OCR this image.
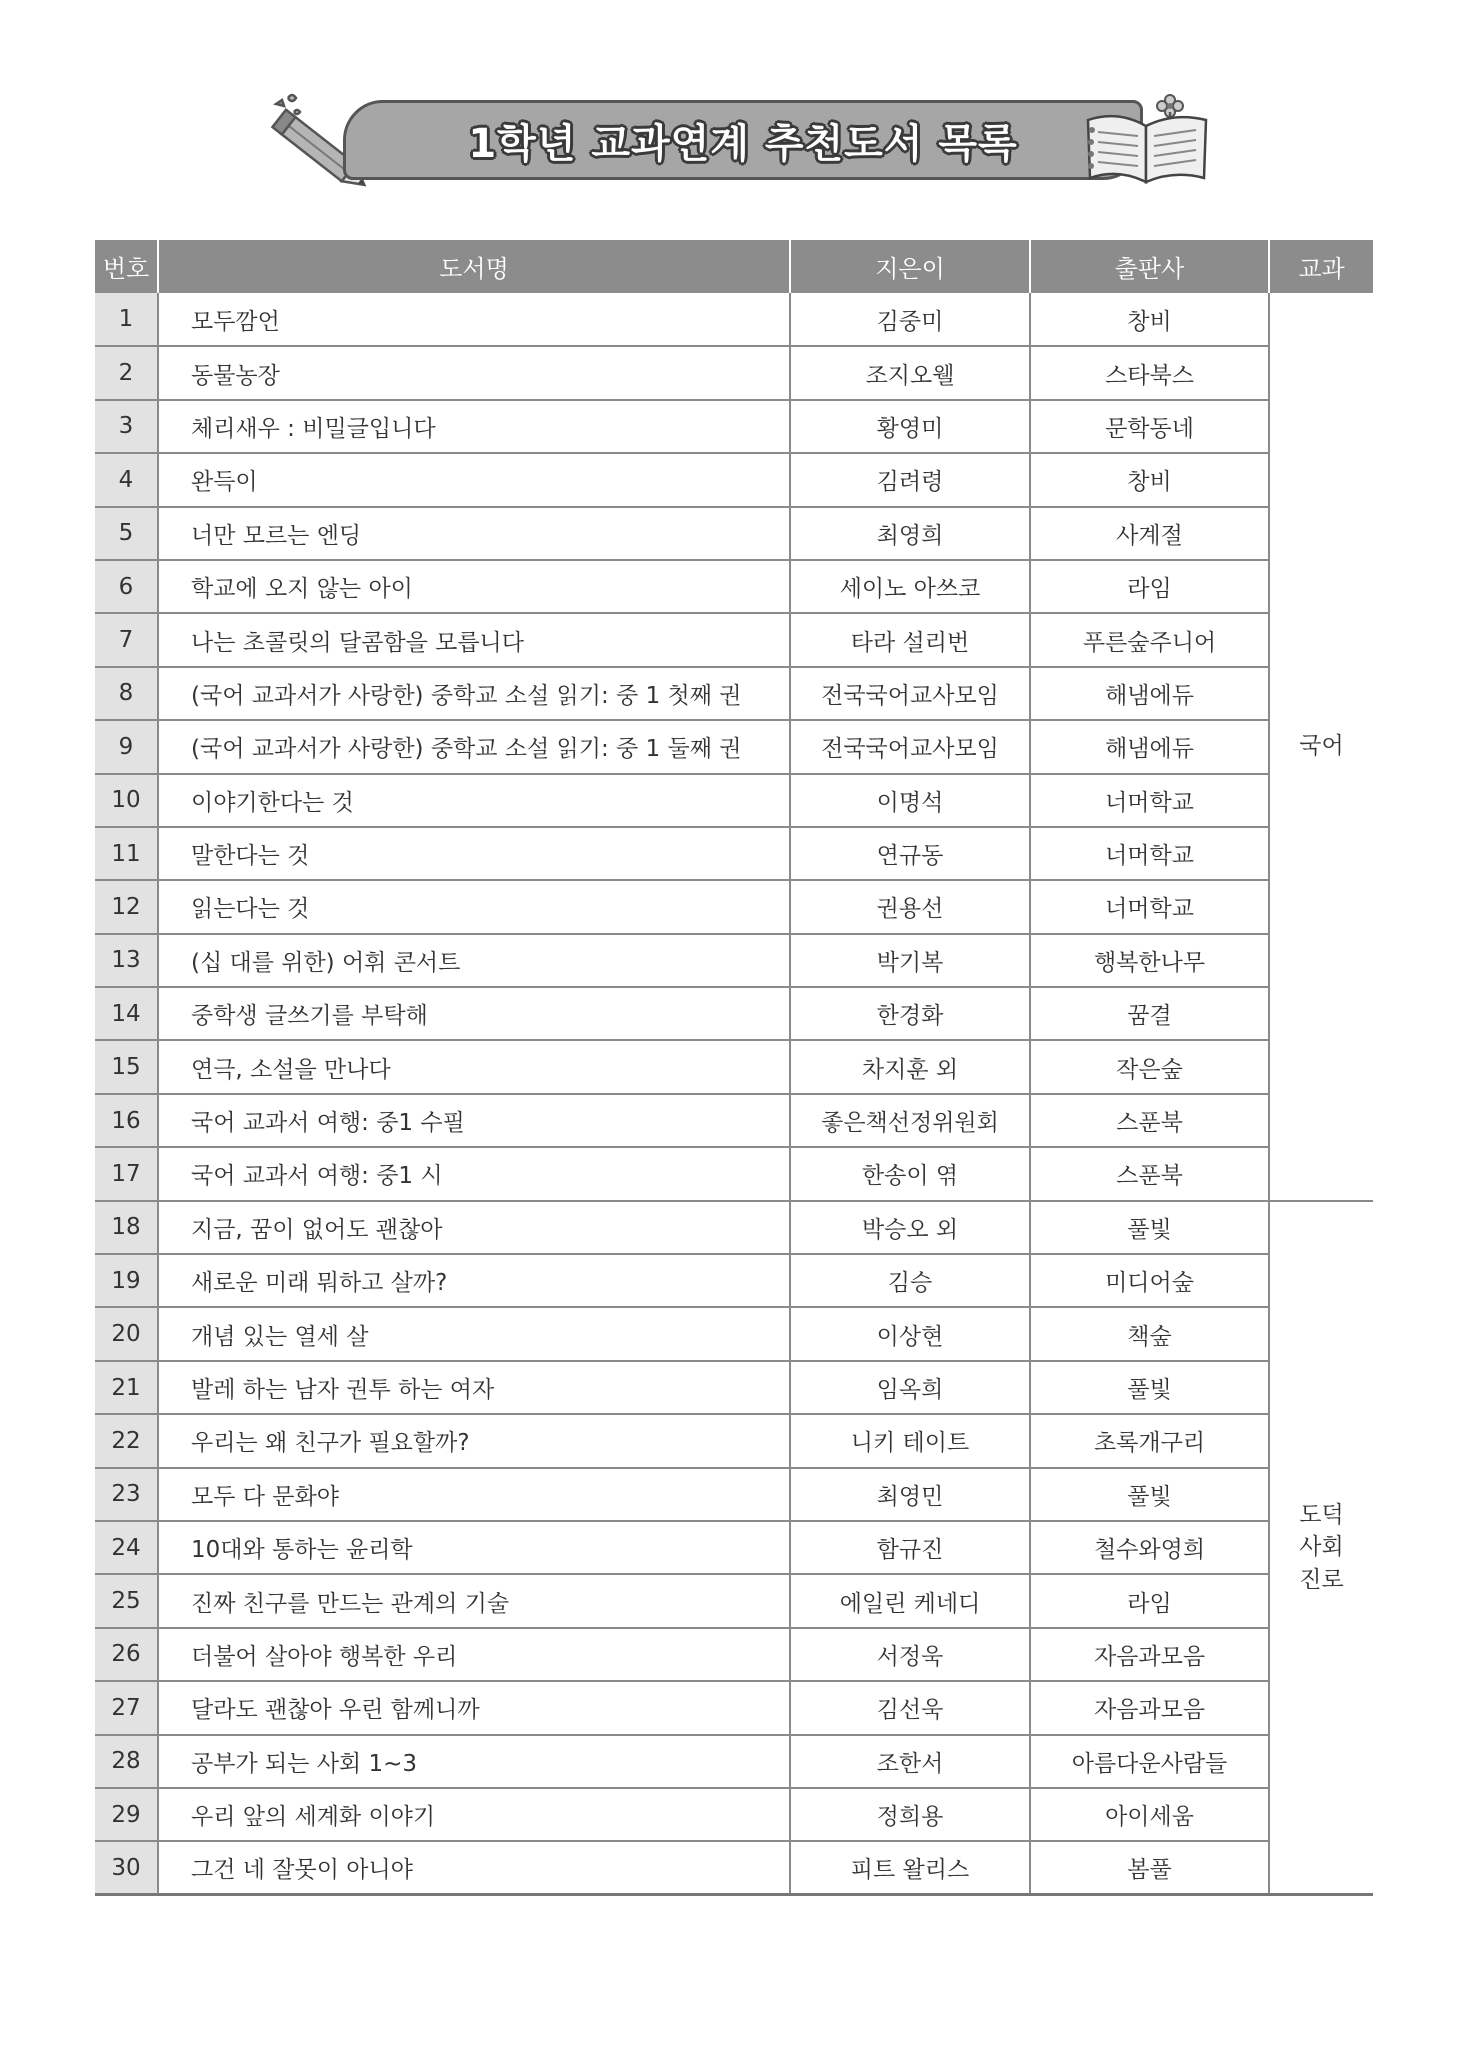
1학년 교과연계 추천도서 목록
번호	도서명	지은이	출판사	교과
1	모두깜언	김중미	창비	국어

2	동물농장	조지오웰	스타북스	
3	체리새우 : 비밀글입니다	황영미	문학동네	
4	완득이	김려령	창비	
5	너만 모르는 엔딩	최영희	사계절	
6	학교에 오지 않는 아이	세이노 아쓰코	라임	
7	나는 초콜릿의 달콤함을 모릅니다	타라 설리번	푸른숲주니어	
8	(국어 교과서가 사랑한) 중학교 소설 읽기: 중 1 첫째 권	전국국어교사모임	해냄에듀	
9	(국어 교과서가 사랑한) 중학교 소설 읽기: 중 1 둘째 권	전국국어교사모임	해냄에듀	
10	이야기한다는 것	이명석	너머학교	
11	말한다는 것	연규동	너머학교	
12	읽는다는 것	권용선	너머학교	
13	(십 대를 위한) 어휘 콘서트	박기복	행복한나무	
14	중학생 글쓰기를 부탁해	한경화	꿈결	
15	연극, 소설을 만나다	차지훈 외	작은숲	
16	국어 교과서 여행: 중1 수필	좋은책선정위원회	스푼북	
17	국어 교과서 여행: 중1 시	한송이 엮	스푼북	
18	지금, 꿈이 없어도 괜찮아	박승오 외	풀빛	도덕
사회
진로

19	새로운 미래 뭐하고 살까?	김승	미디어숲	
20	개념 있는 열세 살	이상현	책숲	
21	발레 하는 남자 권투 하는 여자	임옥희	풀빛	
22	우리는 왜 친구가 필요할까?	니키 테이트	초록개구리	
23	모두 다 문화야	최영민	풀빛	
24	10대와 통하는 윤리학	함규진	철수와영희	
25	진짜 친구를 만드는 관계의 기술	에일린 케네디	라임	
26	더불어 살아야 행복한 우리	서정욱	자음과모음	
27	달라도 괜찮아 우린 함께니까	김선욱	자음과모음	
28	공부가 되는 사회 1~3	조한서	아름다운사람들	
29	우리 앞의 세계화 이야기	정희용	아이세움	
30	그건 네 잘못이 아니야	피트 왈리스	봄풀	
